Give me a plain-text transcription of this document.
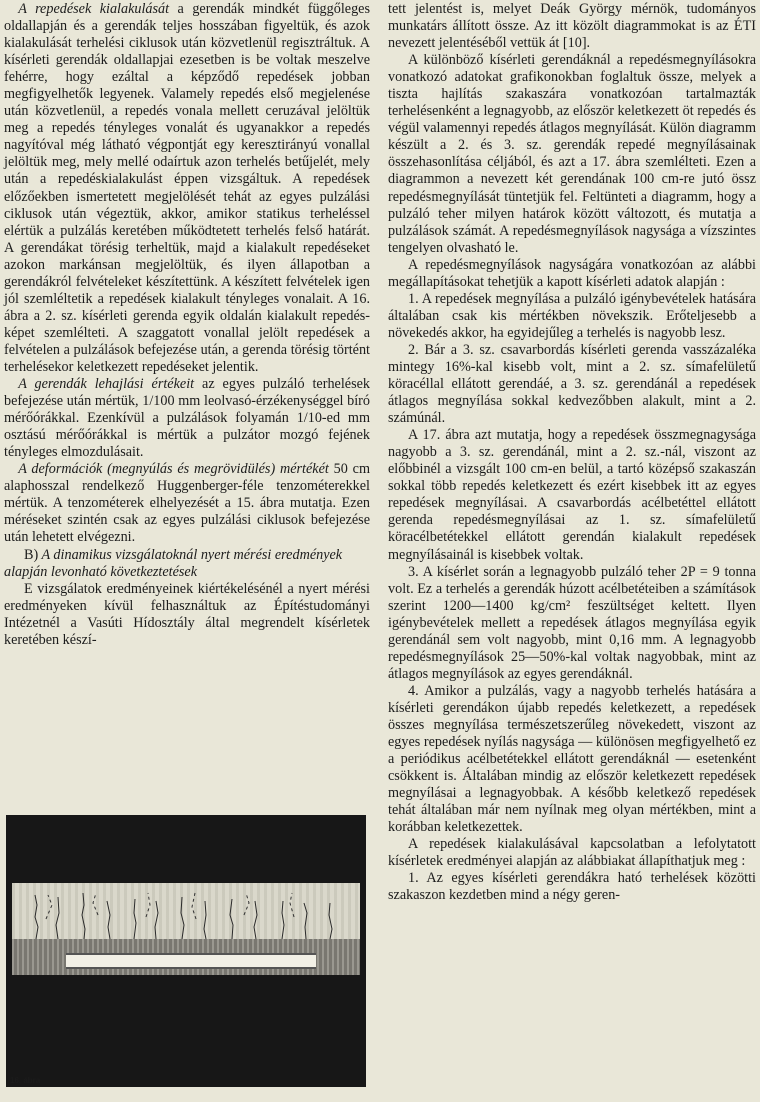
 A repedések kialakulását a gerendák mindkét függőleges oldallapján és a gerendák teljes hosszában figyeltük, és azok kialakulását terhelési ciklusok után közvetlenül regisztráltuk. A kísérleti gerendák oldallapjai ezesetben is be voltak meszelve fehérre, hogy ezáltal a képződő repedések jobban megfigyelhetők legyenek. Valamely repedés első megjelenése után közvetlenül, a repedés vonala mellett ceruzával jelöltük meg a repedés tényleges vonalát és ugyanakkor a repedés nagyítóval még látható végpontját egy keresztirányú vonallal jelöltük meg, mely mellé odaírtuk azon terhelés betűjelét, mely után a repedéskialakulást éppen vizsgáltuk. A repedések előzőekben ismertetett megjelölését tehát az egyes pulzálási ciklusok után végeztük, akkor, amikor statikus terheléssel elértük a pulzálás keretében működtetett terhelés felső határát. A gerendákat törésig terheltük, majd a kialakult repedéseket azokon markánsan megjelöltük, és ilyen állapotban a gerendákról felvételeket készítettünk. A készített felvételek igen jól szemléltetik a repedések kialakult tényleges vonalait. A 16. ábra a 2. sz. kísérleti gerenda egyik oldalán kialakult repedés-képet szemlélteti. A szaggatott vonallal jelölt repedések a felvételen a pulzálások befejezése után, a gerenda törésig történt terhelésekor keletkezett repedéseket jelentik.

 A gerendák lehajlási értékeit az egyes pulzáló terhelések befejezése után mértük, 1/100 mm leolvasó-érzékenységgel bíró mérőórákkal. Ezenkívül a pulzálások folyamán 1/10-ed mm osztású mérőórákkal is mértük a pulzátor mozgó fejének tényleges elmozdulásait.

 A deformációk (megnyúlás és megrövidülés) mértékét 50 cm alaphosszal rendelkező Huggenberger-féle tenzométerekkel mértük. A tenzométerek elhelyezését a 15. ábra mutatja. Ezen méréseket szintén csak az egyes pulzálási ciklusok befejezése után lehetett elvégezni.

B) A dinamikus vizsgálatoknál nyert mérési eredmények alapján levonható következtetések

E vizsgálatok eredményeinek kiértékelésénél a nyert mérési eredményeken kívül felhasználtuk az Építéstudományi Intézetnél a Vasúti Hídosztály által megrendelt kísérletek keretében készí-

16. ábra

tett jelentést is, melyet Deák György mérnök, tudományos munkatárs állított össze. Az itt közölt diagrammokat is az ÉTI nevezett jelentéséből vettük át [10].

A különböző kísérleti gerendáknál a repedésmegnyílásokra vonatkozó adatokat grafikonokban foglaltuk össze, melyek a tiszta hajlítás szakaszára vonatkozóan tartalmazták terhelésenként a legnagyobb, az először keletkezett öt repedés és végül valamennyi repedés átlagos megnyílását. Külön diagramm készült a 2. és 3. sz. gerendák repedé megnyílásainak összehasonlítása céljából, és azt a 17. ábra szemlélteti. Ezen a diagrammon a nevezett két gerendának 100 cm-re jutó össz repedésmegnyílását tüntetjük fel. Feltünteti a diagramm, hogy a pulzáló teher milyen határok között változott, és mutatja a pulzálások számát. A repedésmegnyílások nagysága a vízszintes tengelyen olvasható le.

A repedésmegnyílások nagyságára vonatkozóan az alábbi megállapításokat tehetjük a kapott kísérleti adatok alapján :

1. A repedések megnyílása a pulzáló igénybevételek hatására általában csak kis mértékben növekszik. Erőteljesebb a növekedés akkor, ha egyidejűleg a terhelés is nagyobb lesz.

2. Bár a 3. sz. csavarbordás kísérleti gerenda vasszázaléka mintegy 16%-kal kisebb volt, mint a 2. sz. símafelületű köracéllal ellátott gerendáé, a 3. sz. gerendánál a repedések átlagos megnyílása sokkal kedvezőbben alakult, mint a 2. számúnál.

A 17. ábra azt mutatja, hogy a repedések összmegnagysága nagyobb a 3. sz. gerendánál, mint a 2. sz.-nál, viszont az előbbinél a vizsgált 100 cm-en belül, a tartó középső szakaszán sokkal több repedés keletkezett és ezért kisebbek itt az egyes repedések megnyílásai. A csavarbordás acélbetéttel ellátott gerenda repedésmegnyílásai az 1. sz. símafelületű köracélbetétekkel ellátott gerendán kialakult repedések megnyílásainál is kisebbek voltak.

3. A kísérlet során a legnagyobb pulzáló teher 2P = 9 tonna volt. Ez a terhelés a gerendák húzott acélbetéteiben a számítások szerint 1200—1400 kg/cm² feszültséget keltett. Ilyen igénybevételek mellett a repedések átlagos megnyílása egyik gerendánál sem volt nagyobb, mint 0,16 mm. A legnagyobb repedésmegnyílások 25—50%-kal voltak nagyobbak, mint az átlagos megnyílások az egyes gerendáknál.

4. Amikor a pulzálás, vagy a nagyobb terhelés hatására a kísérleti gerendákon újabb repedés keletkezett, a repedések összes megnyílása természetszerűleg növekedett, viszont az egyes repedések nyílás nagysága — különösen megfigyelhető ez a periódikus acélbetétekkel ellátott gerendáknál — esetenként csökkent is. Általában mindig az először keletkezett repedések megnyílásai a legnagyobbak. A később keletkező repedések tehát általában már nem nyílnak meg olyan mértékben, mint a korábban keletkezettek.

A repedések kialakulásával kapcsolatban a lefolytatott kísérletek eredményei alapján az alábbiakat állapíthatjuk meg :

1. Az egyes kísérleti gerendákra ható terhelések közötti szakaszon kezdetben mind a négy geren-
